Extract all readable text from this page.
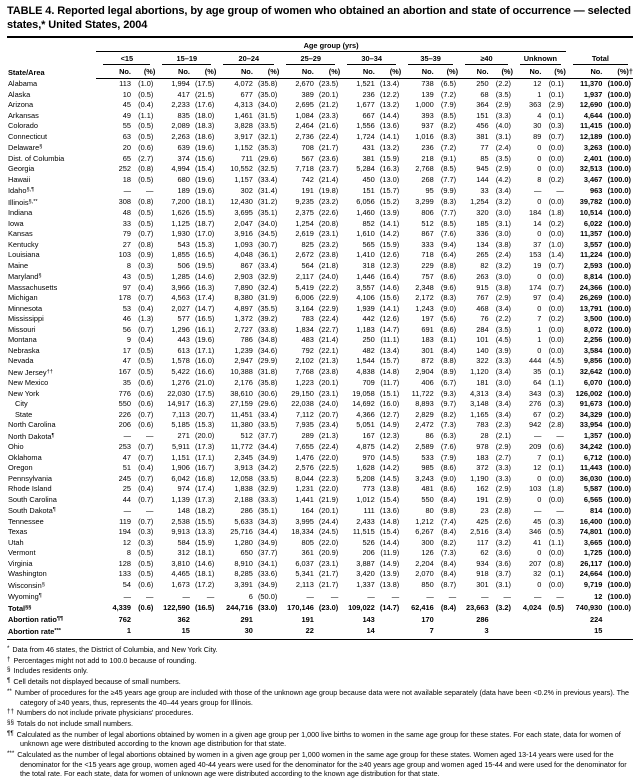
TABLE 4. Reported legal abortions, by age group of women who obtained an abortion and state of occurrence — selected states,* United States, 2004
State/Area	Age group (yrs)																	

	<15		15–19		20–24		25–29		30–34		35–39		≥40		Unknown		Total	

	No.	(%)	No.	(%)	No.	(%)	No.	(%)	No.	(%)	No.	(%)	No.	(%)	No.	(%)	No.	(%)†
Alabama	113	(1.0)	1,994	(17.5)	4,072	(35.8)	2,670	(23.5)	1,521	(13.4)	738	(6.5)	250	(2.2)	12	(0.1)	11,370	(100.0)
Alaska	10	(0.5)	417	(21.5)	677	(35.0)	389	(20.1)	236	(12.2)	139	(7.2)	68	(3.5)	1	(0.1)	1,937	(100.0)
Arizona	45	(0.4)	2,233	(17.6)	4,313	(34.0)	2,695	(21.2)	1,677	(13.2)	1,000	(7.9)	364	(2.9)	363	(2.9)	12,690	(100.0)
Arkansas	49	(1.1)	835	(18.0)	1,461	(31.5)	1,084	(23.3)	667	(14.4)	393	(8.5)	151	(3.3)	4	(0.1)	4,644	(100.0)
Colorado	55	(0.5)	2,089	(18.3)	3,828	(33.5)	2,464	(21.6)	1,556	(13.6)	937	(8.2)	456	(4.0)	30	(0.3)	11,415	(100.0)
Connecticut	63	(0.5)	2,263	(18.6)	3,917	(32.1)	2,736	(22.4)	1,724	(14.1)	1,016	(8.3)	381	(3.1)	89	(0.7)	12,189	(100.0)
Delaware§	20	(0.6)	639	(19.6)	1,152	(35.3)	708	(21.7)	431	(13.2)	236	(7.2)	77	(2.4)	0	(0.0)	3,263	(100.0)
Dist. of Columbia	65	(2.7)	374	(15.6)	711	(29.6)	567	(23.6)	381	(15.9)	218	(9.1)	85	(3.5)	0	(0.0)	2,401	(100.0)
Georgia	252	(0.8)	4,994	(15.4)	10,552	(32.5)	7,718	(23.7)	5,284	(16.3)	2,768	(8.5)	945	(2.9)	0	(0.0)	32,513	(100.0)
Hawaii	18	(0.5)	680	(19.6)	1,157	(33.4)	742	(21.4)	450	(13.0)	268	(7.7)	144	(4.2)	8	(0.2)	3,467	(100.0)
Idaho§,¶	—	—	189	(19.6)	302	(31.4)	191	(19.8)	151	(15.7)	95	(9.9)	33	(3.4)	—	—	963	(100.0)
Illinois§,**	308	(0.8)	7,200	(18.1)	12,430	(31.2)	9,235	(23.2)	6,056	(15.2)	3,299	(8.3)	1,254	(3.2)	0	(0.0)	39,782	(100.0)
Indiana	48	(0.5)	1,626	(15.5)	3,695	(35.1)	2,375	(22.6)	1,460	(13.9)	806	(7.7)	320	(3.0)	184	(1.8)	10,514	(100.0)
Iowa	33	(0.5)	1,125	(18.7)	2,047	(34.0)	1,254	(20.8)	852	(14.1)	512	(8.5)	185	(3.1)	14	(0.2)	6,022	(100.0)
Kansas	79	(0.7)	1,930	(17.0)	3,916	(34.5)	2,619	(23.1)	1,610	(14.2)	867	(7.6)	336	(3.0)	0	(0.0)	11,357	(100.0)
Kentucky	27	(0.8)	543	(15.3)	1,093	(30.7)	825	(23.2)	565	(15.9)	333	(9.4)	134	(3.8)	37	(1.0)	3,557	(100.0)
Louisiana	103	(0.9)	1,855	(16.5)	4,048	(36.1)	2,672	(23.8)	1,410	(12.6)	718	(6.4)	265	(2.4)	153	(1.4)	11,224	(100.0)
Maine	8	(0.3)	506	(19.5)	867	(33.4)	564	(21.8)	318	(12.3)	229	(8.8)	82	(3.2)	19	(0.7)	2,593	(100.0)
Maryland§	43	(0.5)	1,285	(14.6)	2,903	(32.9)	2,117	(24.0)	1,446	(16.4)	757	(8.6)	263	(3.0)	0	(0.0)	8,814	(100.0)
Massachusetts	97	(0.4)	3,966	(16.3)	7,890	(32.4)	5,419	(22.2)	3,557	(14.6)	2,348	(9.6)	915	(3.8)	174	(0.7)	24,366	(100.0)
Michigan	178	(0.7)	4,563	(17.4)	8,380	(31.9)	6,006	(22.9)	4,106	(15.6)	2,172	(8.3)	767	(2.9)	97	(0.4)	26,269	(100.0)
Minnesota	53	(0.4)	2,027	(14.7)	4,897	(35.5)	3,164	(22.9)	1,939	(14.1)	1,243	(9.0)	468	(3.4)	0	(0.0)	13,791	(100.0)
Mississippi	46	(1.3)	577	(16.5)	1,372	(39.2)	783	(22.4)	442	(12.6)	197	(5.6)	76	(2.2)	7	(0.2)	3,500	(100.0)
Missouri	56	(0.7)	1,296	(16.1)	2,727	(33.8)	1,834	(22.7)	1,183	(14.7)	691	(8.6)	284	(3.5)	1	(0.0)	8,072	(100.0)
Montana	9	(0.4)	443	(19.6)	786	(34.8)	483	(21.4)	250	(11.1)	183	(8.1)	101	(4.5)	1	(0.0)	2,256	(100.0)
Nebraska	17	(0.5)	613	(17.1)	1,239	(34.6)	792	(22.1)	482	(13.4)	301	(8.4)	140	(3.9)	0	(0.0)	3,584	(100.0)
Nevada	47	(0.5)	1,578	(16.0)	2,947	(29.9)	2,102	(21.3)	1,544	(15.7)	872	(8.8)	322	(3.3)	444	(4.5)	9,856	(100.0)
New Jersey††	167	(0.5)	5,422	(16.6)	10,388	(31.8)	7,768	(23.8)	4,838	(14.8)	2,904	(8.9)	1,120	(3.4)	35	(0.1)	32,642	(100.0)
New Mexico	35	(0.6)	1,276	(21.0)	2,176	(35.8)	1,223	(20.1)	709	(11.7)	406	(6.7)	181	(3.0)	64	(1.1)	6,070	(100.0)
New York	776	(0.6)	22,030	(17.5)	38,610	(30.6)	29,150	(23.1)	19,058	(15.1)	11,722	(9.3)	4,313	(3.4)	343	(0.3)	126,002	(100.0)
City	550	(0.6)	14,917	(16.3)	27,159	(29.6)	22,038	(24.0)	14,692	(16.0)	8,893	(9.7)	3,148	(3.4)	276	(0.3)	91,673	(100.0)
State	226	(0.7)	7,113	(20.7)	11,451	(33.4)	7,112	(20.7)	4,366	(12.7)	2,829	(8.2)	1,165	(3.4)	67	(0.2)	34,329	(100.0)
North Carolina	206	(0.6)	5,185	(15.3)	11,380	(33.5)	7,935	(23.4)	5,051	(14.9)	2,472	(7.3)	783	(2.3)	942	(2.8)	33,954	(100.0)
North Dakota¶	—	—	271	(20.0)	512	(37.7)	289	(21.3)	167	(12.3)	86	(6.3)	28	(2.1)	—	—	1,357	(100.0)
Ohio	253	(0.7)	5,911	(17.3)	11,772	(34.4)	7,655	(22.4)	4,875	(14.2)	2,589	(7.6)	978	(2.9)	209	(0.6)	34,242	(100.0)
Oklahoma	47	(0.7)	1,151	(17.1)	2,345	(34.9)	1,476	(22.0)	970	(14.5)	533	(7.9)	183	(2.7)	7	(0.1)	6,712	(100.0)
Oregon	51	(0.4)	1,906	(16.7)	3,913	(34.2)	2,576	(22.5)	1,628	(14.2)	985	(8.6)	372	(3.3)	12	(0.1)	11,443	(100.0)
Pennsylvania	245	(0.7)	6,042	(16.8)	12,058	(33.5)	8,044	(22.3)	5,208	(14.5)	3,243	(9.0)	1,190	(3.3)	0	(0.0)	36,030	(100.0)
Rhode Island	25	(0.4)	974	(17.4)	1,838	(32.9)	1,231	(22.0)	773	(13.8)	481	(8.6)	162	(2.9)	103	(1.8)	5,587	(100.0)
South Carolina	44	(0.7)	1,139	(17.3)	2,188	(33.3)	1,441	(21.9)	1,012	(15.4)	550	(8.4)	191	(2.9)	0	(0.0)	6,565	(100.0)
South Dakota¶	—	—	148	(18.2)	286	(35.1)	164	(20.1)	111	(13.6)	80	(9.8)	23	(2.8)	—	—	814	(100.0)
Tennessee	119	(0.7)	2,538	(15.5)	5,633	(34.3)	3,995	(24.4)	2,433	(14.8)	1,212	(7.4)	425	(2.6)	45	(0.3)	16,400	(100.0)
Texas	194	(0.3)	9,913	(13.3)	25,716	(34.4)	18,334	(24.5)	11,515	(15.4)	6,267	(8.4)	2,516	(3.4)	346	(0.5)	74,801	(100.0)
Utah	12	(0.3)	584	(15.9)	1,280	(34.9)	805	(22.0)	526	(14.4)	300	(8.2)	117	(3.2)	41	(1.1)	3,665	(100.0)
Vermont	8	(0.5)	312	(18.1)	650	(37.7)	361	(20.9)	206	(11.9)	126	(7.3)	62	(3.6)	0	(0.0)	1,725	(100.0)
Virginia	128	(0.5)	3,810	(14.6)	8,910	(34.1)	6,037	(23.1)	3,887	(14.9)	2,204	(8.4)	934	(3.6)	207	(0.8)	26,117	(100.0)
Washington	133	(0.5)	4,465	(18.1)	8,285	(33.6)	5,341	(21.7)	3,420	(13.9)	2,070	(8.4)	918	(3.7)	32	(0.1)	24,664	(100.0)
Wisconsin§	54	(0.6)	1,673	(17.2)	3,391	(34.9)	2,113	(21.7)	1,337	(13.8)	850	(8.7)	301	(3.1)	0	(0.0)	9,719	(100.0)
Wyoming¶	—	—	—	—	6	(50.0)	—	—	—	—	—	—	—	—	—	—	12	(100.0)
Total§§	4,339	(0.6)	122,590	(16.5)	244,716	(33.0)	170,146	(23.0)	109,022	(14.7)	62,416	(8.4)	23,663	(3.2)	4,024	(0.5)	740,930	(100.0)
Abortion ratio¶¶	762		362		291		191		143		170		286				224	
Abortion rate***	1		15		30		22		14		7		3				15	
* Data from 46 states, the District of Columbia, and New York City.
† Percentages might not add to 100.0 because of rounding.
§ Includes residents only.
¶ Cell details not displayed because of small numbers.
** Number of procedures for the ≥45 years age group are included with those of the unknown age group because data were not available separately (data have been <0.2% in previous years). The category of ≥40 years, thus, represents the 40–44 years group for Illinois.
†† Numbers do not include private physicians' procedures.
§§ Totals do not include small numbers.
¶¶ Calculated as the number of legal abortions obtained by women in a given age group per 1,000 live births to women in the same age group for these states. For each state, data for women of unknown age were distributed according to the known age distribution for that state.
*** Calculated as the number of legal abortions obtained by women in a given age group per 1,000 women in the same age group for these states. Women aged 13-14 years were used for the denominator for the <15 years age group, women aged 40-44 years were used for the denominator for the ≥40 years age group and women aged 15-44 and were used for the denominator for the total rate. For each state, data for women of unknown age were distributed according to the known age distribution for that state.
